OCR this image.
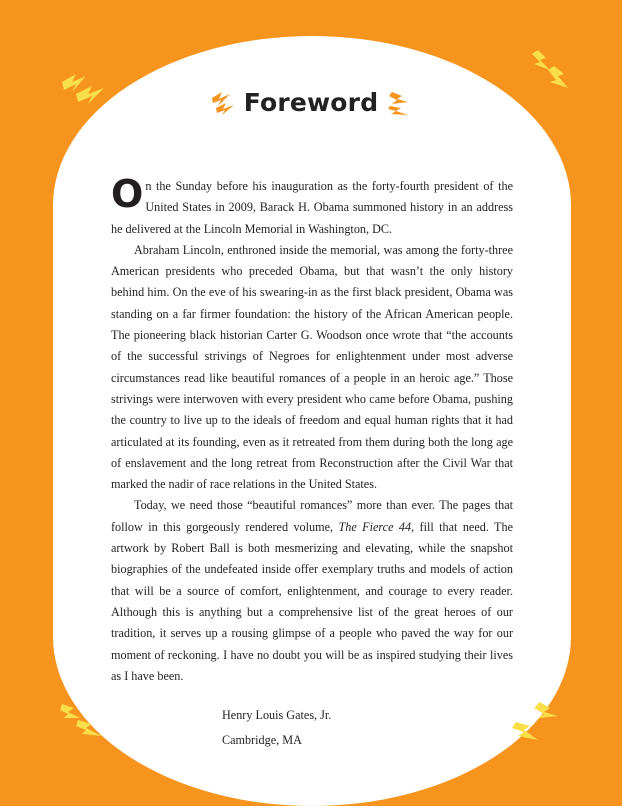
Foreword

On the Sunday before his inauguration as the forty-fourth president of the United States in 2009, Barack H. Obama summoned history in an address he delivered at the Lincoln Memorial in Washington, DC.

Abraham Lincoln, enthroned inside the memorial, was among the forty-three American presidents who preceded Obama, but that wasn’t the only history behind him. On the eve of his swearing-in as the first black president, Obama was standing on a far firmer foundation: the history of the African American people. The pioneering black historian Carter G. Woodson once wrote that “the accounts of the successful strivings of Negroes for enlightenment under most adverse circumstances read like beautiful romances of a people in an heroic age.” Those strivings were interwoven with every president who came before Obama, pushing the country to live up to the ideals of freedom and equal human rights that it had articulated at its founding, even as it retreated from them during both the long age of enslavement and the long retreat from Reconstruction after the Civil War that marked the nadir of race relations in the United States.

Today, we need those “beautiful romances” more than ever. The pages that follow in this gorgeously rendered volume, The Fierce 44, fill that need. The artwork by Robert Ball is both mesmerizing and elevating, while the snapshot biographies of the undefeated inside offer exemplary truths and models of action that will be a source of comfort, enlightenment, and courage to every reader. Although this is anything but a comprehensive list of the great heroes of our tradition, it serves up a rousing glimpse of a people who paved the way for our moment of reckoning. I have no doubt you will be as inspired studying their lives as I have been.

Henry Louis Gates, Jr.
Cambridge, MA
